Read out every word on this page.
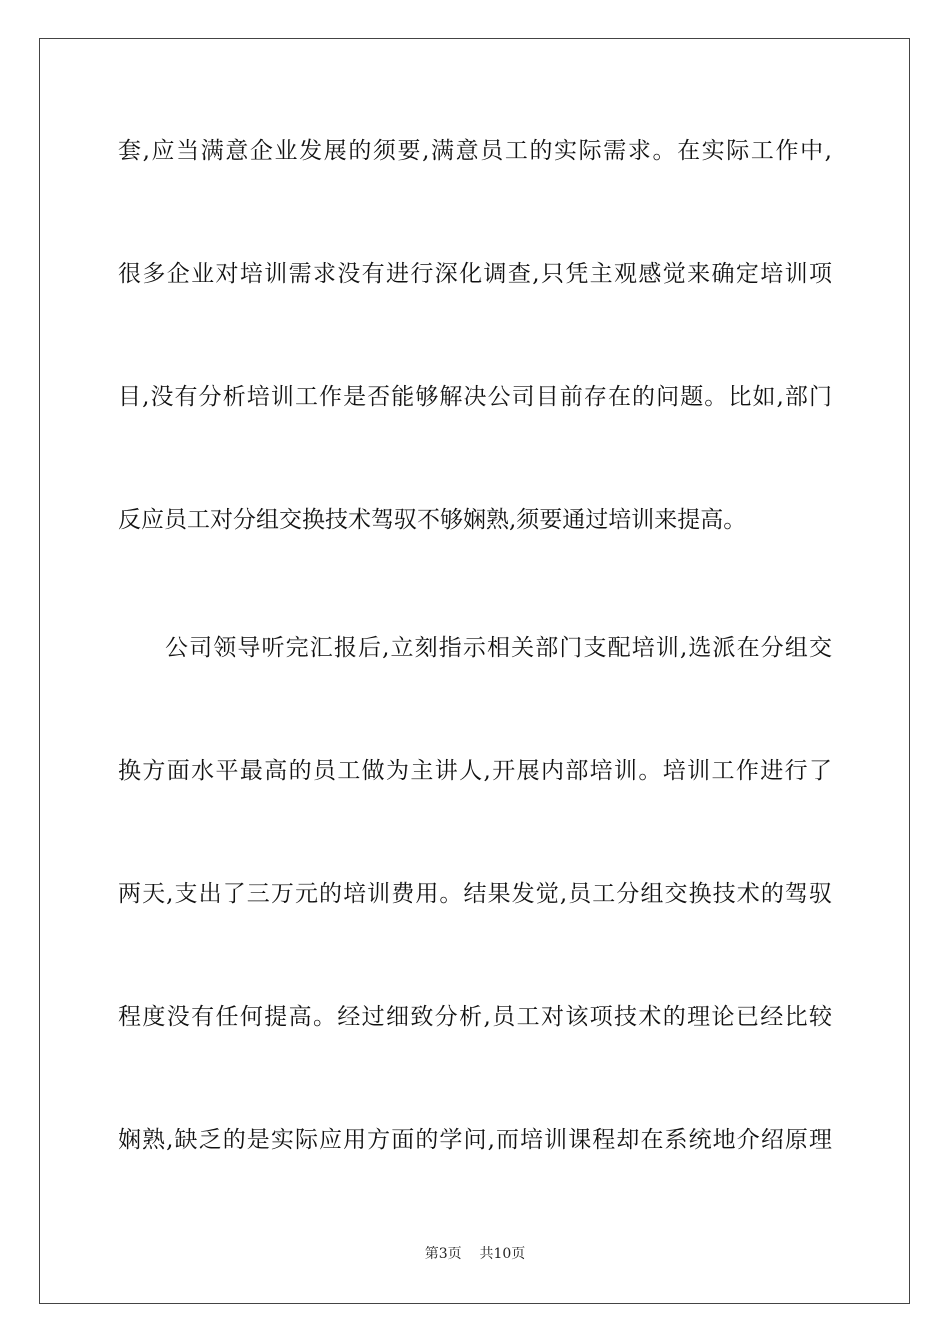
套,应当满意企业发展的须要,满意员工的实际需求。在实际工作中,
很多企业对培训需求没有进行深化调查,只凭主观感觉来确定培训项
目,没有分析培训工作是否能够解决公司目前存在的问题。比如,部门
反应员工对分组交换技术驾驭不够娴熟,须要通过培训来提高。
公司领导听完汇报后,立刻指示相关部门支配培训,选派在分组交
换方面水平最高的员工做为主讲人,开展内部培训。培训工作进行了
两天,支出了三万元的培训费用。结果发觉,员工分组交换技术的驾驭
程度没有任何提高。经过细致分析,员工对该项技术的理论已经比较
娴熟,缺乏的是实际应用方面的学问,而培训课程却在系统地介绍原理
第3页    共10页
